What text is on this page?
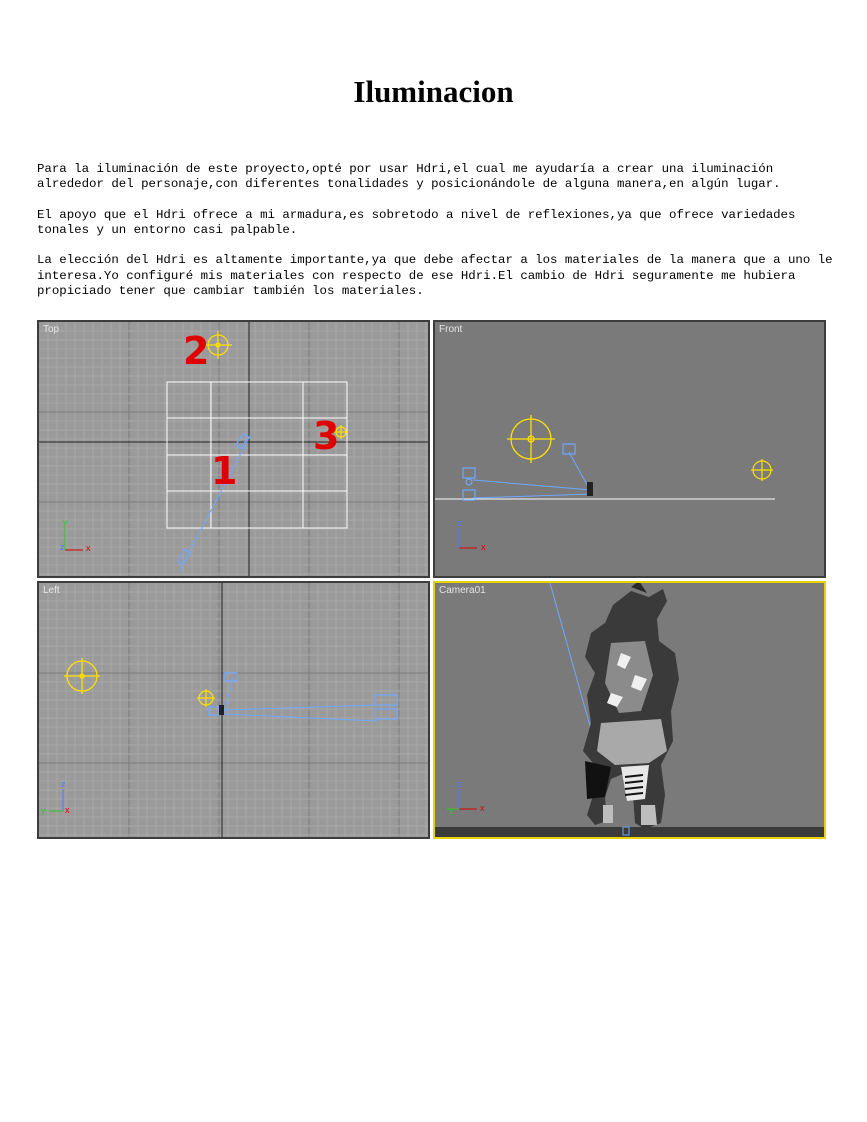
Iluminacion

Para la iluminación de este proyecto,opté por usar Hdri,el cual me ayudaría a crear una iluminación alrededor del personaje,con diferentes tonalidades y posicionándole de alguna manera,en algún lugar.

El apoyo que el Hdri ofrece a mi armadura,es sobretodo a nivel de reflexiones,ya que ofrece variedades tonales y un entorno casi palpable.

La elección del Hdri es altamente importante,ya que debe afectar a los materiales de la manera que a uno le interesa.Yo configuré mis materiales con respecto de ese Hdri.El cambio de Hdri seguramente me hubiera propiciado tener que cambiar también los materiales.

Top	2
3
1
y
z x
Front
z
x
Left
z
y x
Camera01
z
y	x
